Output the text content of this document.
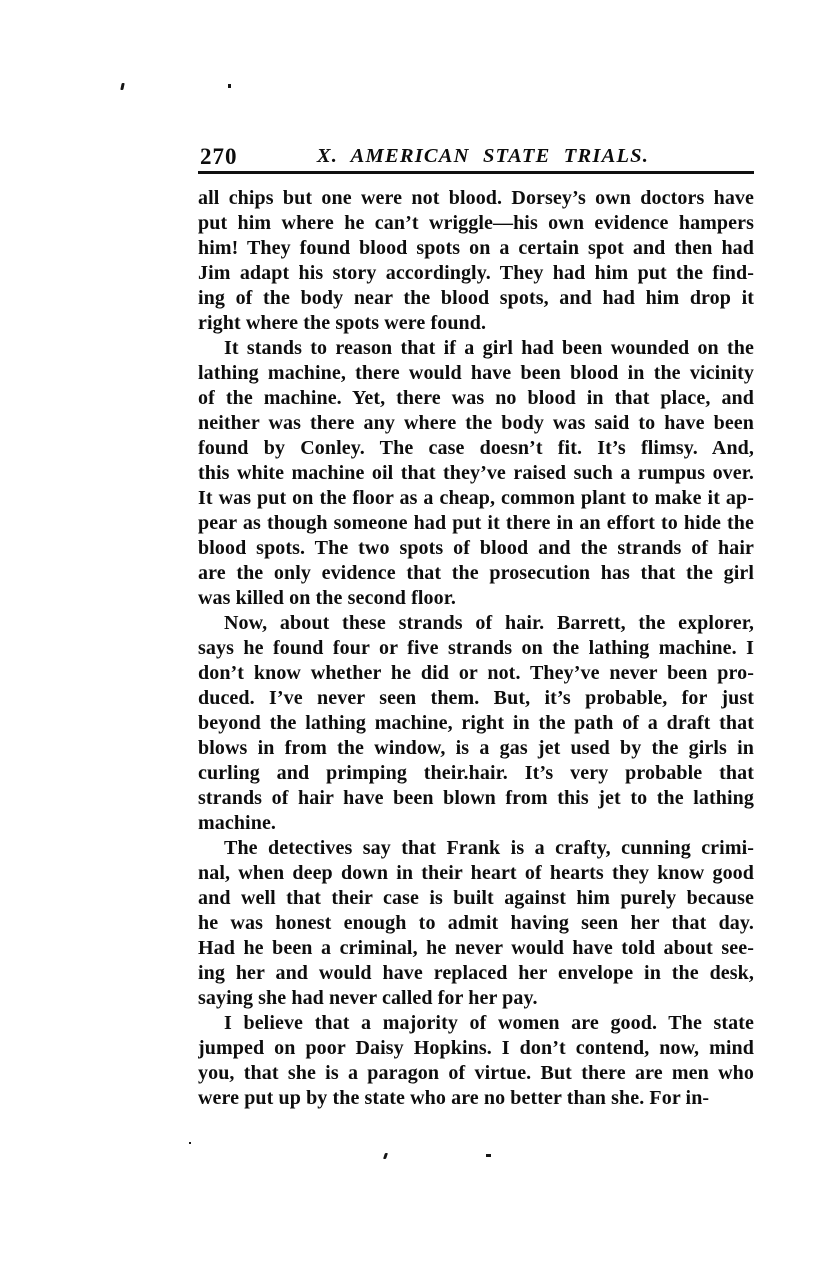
270	X. AMERICAN STATE TRIALS.
all chips but one were not blood. Dorsey’s own doctors have
put him where he can’t wriggle—his own evidence hampers
him! They found blood spots on a certain spot and then had
Jim adapt his story accordingly. They had him put the find-
ing of the body near the blood spots, and had him drop it
right where the spots were found.
It stands to reason that if a girl had been wounded on the
lathing machine, there would have been blood in the vicinity
of the machine. Yet, there was no blood in that place, and
neither was there any where the body was said to have been
found by Conley. The case doesn’t fit. It’s flimsy. And,
this white machine oil that they’ve raised such a rumpus over.
It was put on the floor as a cheap, common plant to make it ap-
pear as though someone had put it there in an effort to hide the
blood spots. The two spots of blood and the strands of hair
are the only evidence that the prosecution has that the girl
was killed on the second floor.
Now, about these strands of hair. Barrett, the explorer,
says he found four or five strands on the lathing machine. I
don’t know whether he did or not. They’ve never been pro-
duced. I’ve never seen them. But, it’s probable, for just
beyond the lathing machine, right in the path of a draft that
blows in from the window, is a gas jet used by the girls in
curling and primping their.hair. It’s very probable that
strands of hair have been blown from this jet to the lathing
machine.
The detectives say that Frank is a crafty, cunning crimi-
nal, when deep down in their heart of hearts they know good
and well that their case is built against him purely because
he was honest enough to admit having seen her that day.
Had he been a criminal, he never would have told about see-
ing her and would have replaced her envelope in the desk,
saying she had never called for her pay.
I believe that a majority of women are good. The state
jumped on poor Daisy Hopkins. I don’t contend, now, mind
you, that she is a paragon of virtue. But there are men who
were put up by the state who are no better than she. For in-
